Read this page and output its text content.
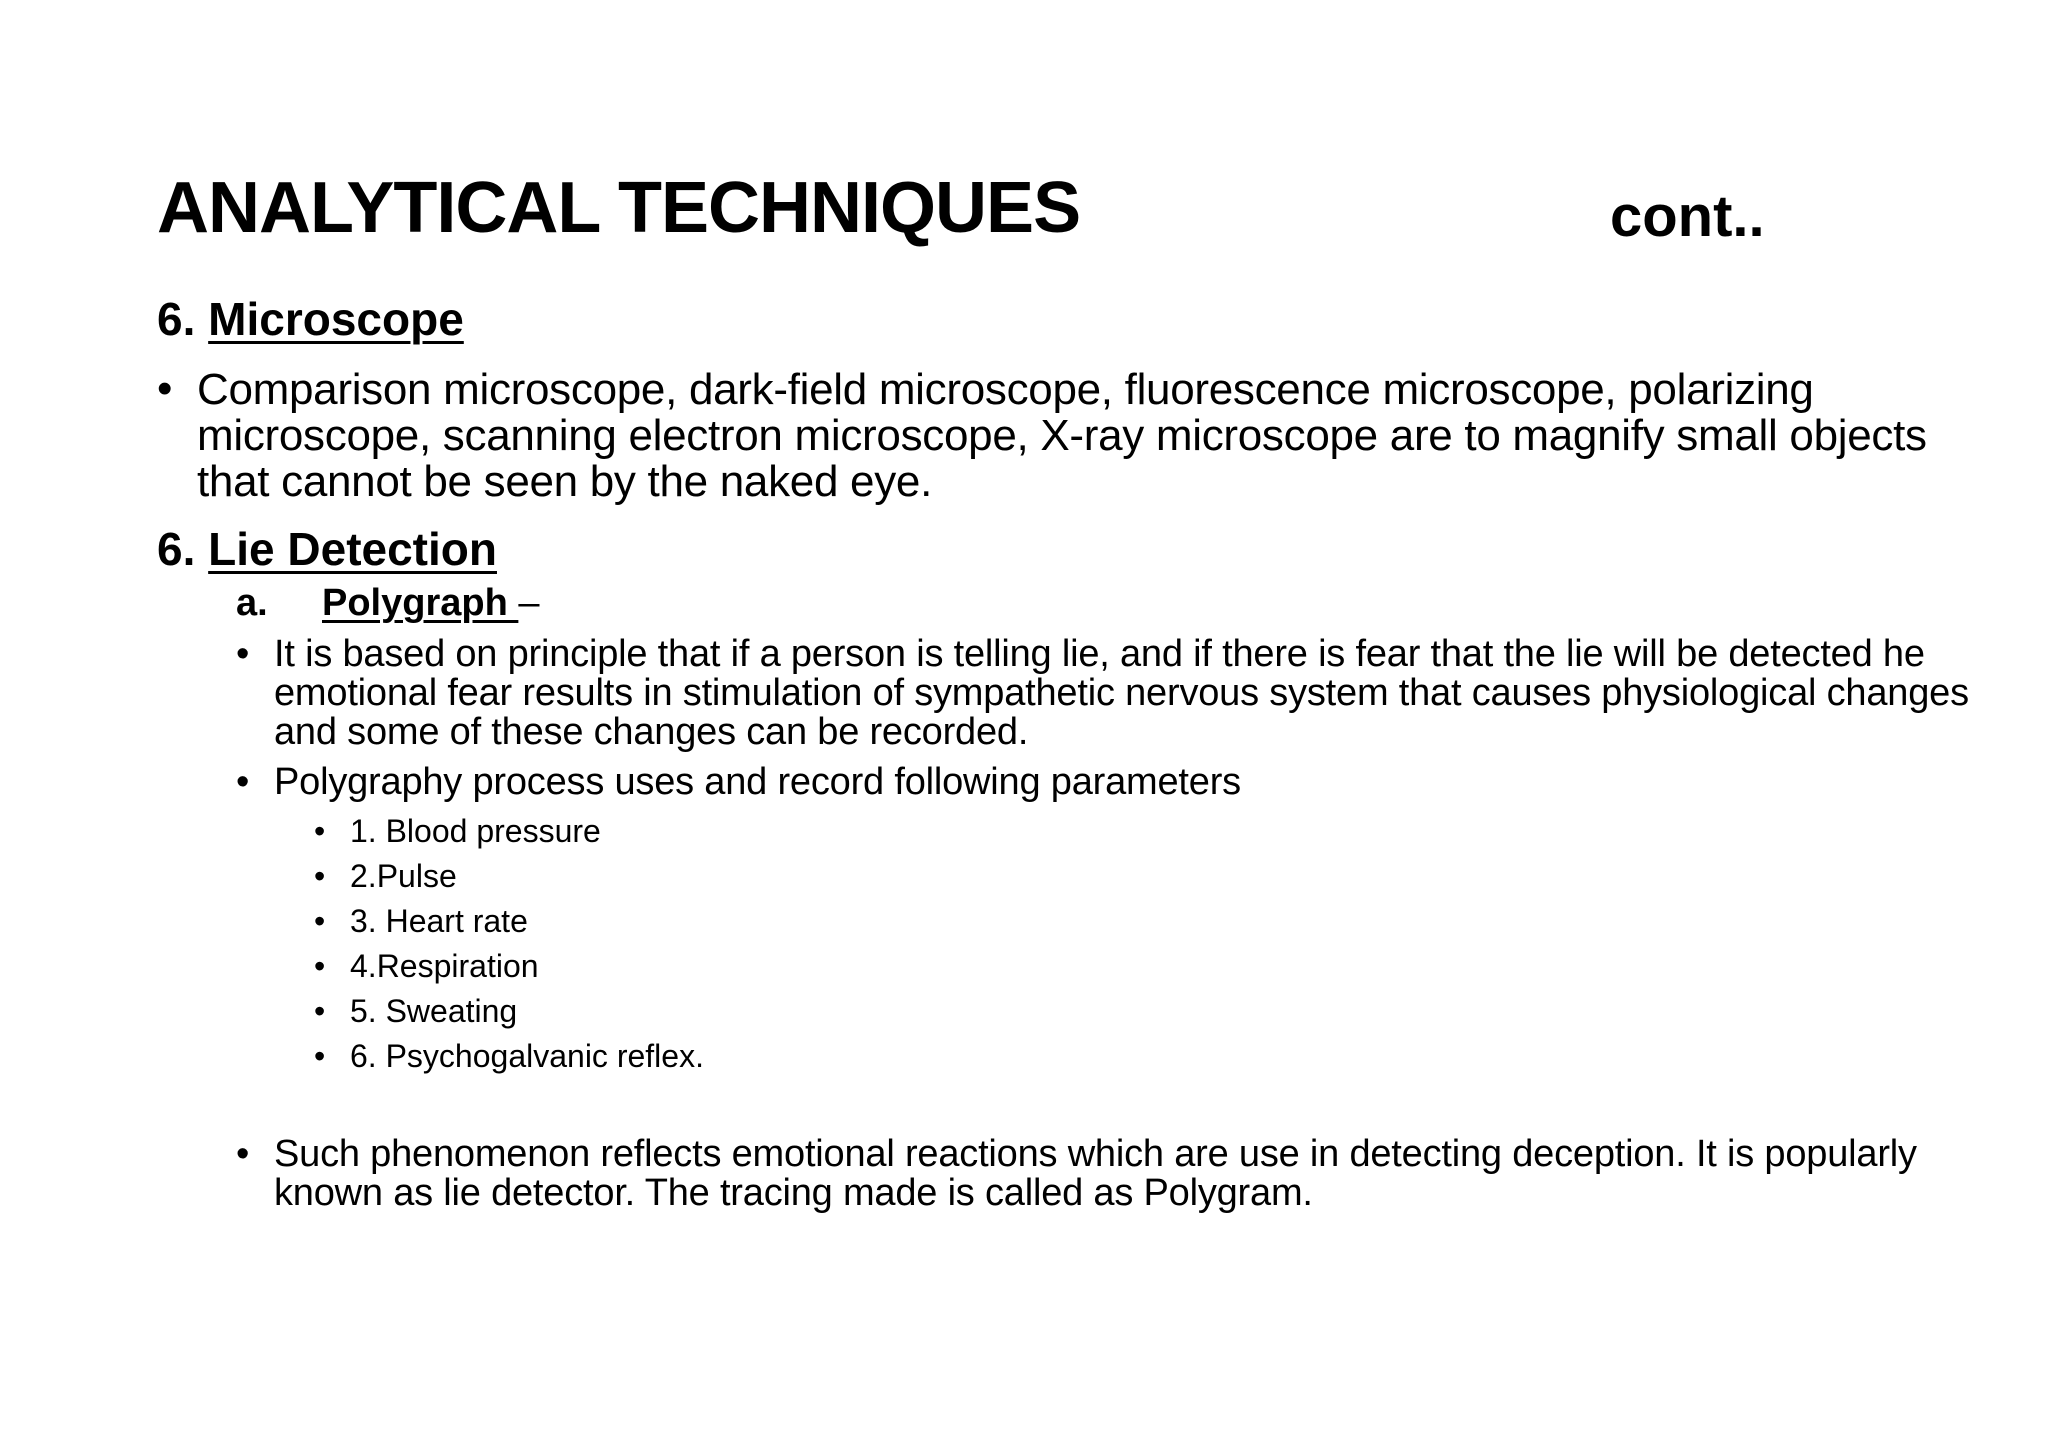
ANALYTICAL TECHNIQUES	cont..
6. Microscope
• Comparison microscope, dark-field microscope, fluorescence microscope, polarizing microscope, scanning electron microscope, X-ray microscope are to magnify small objects that cannot be seen by the naked eye.
6. Lie Detection
a. Polygraph –
• It is based on principle that if a person is telling lie, and if there is fear that the lie will be detected he emotional fear results in stimulation of sympathetic nervous system that causes physiological changes and some of these changes can be recorded.
• Polygraphy process uses and record following parameters
• 1. Blood pressure
• 2.Pulse
• 3. Heart rate
• 4.Respiration
• 5. Sweating
• 6. Psychogalvanic reflex.
• Such phenomenon reflects emotional reactions which are use in detecting deception. It is popularly known as lie detector. The tracing made is called as Polygram.
